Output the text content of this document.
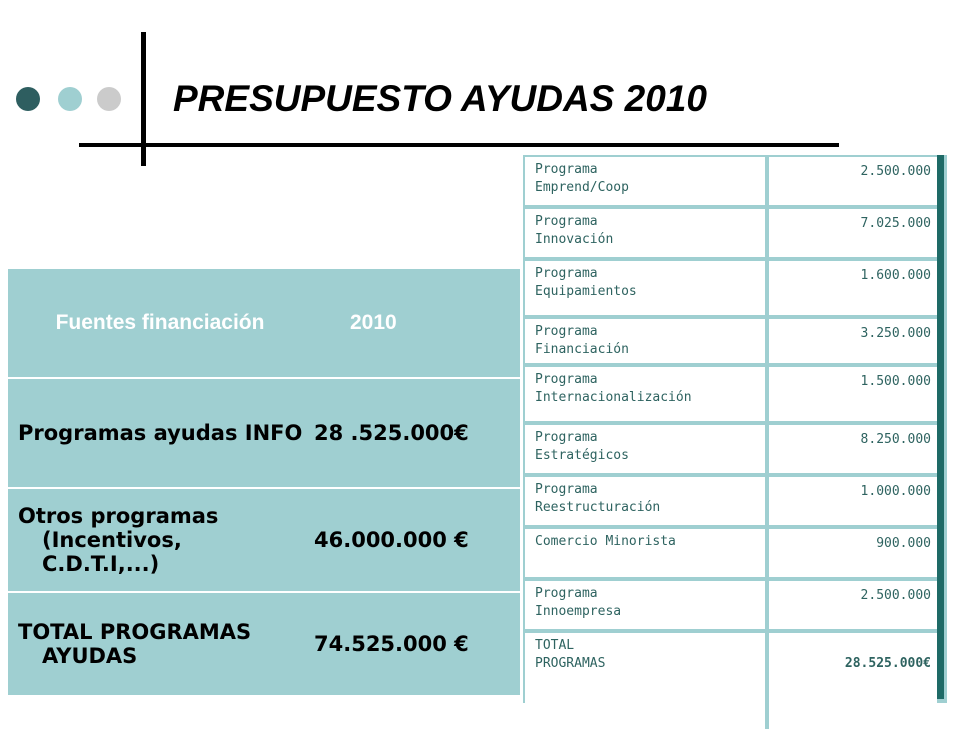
PRESUPUESTO AYUDAS 2010
Fuentes financiación	2010

Programas ayudas INFO	28 .525.000€

Otros programas
(Incentivos,
C.D.T.I,...)	46.000.000 €

TOTAL PROGRAMAS
AYUDAS	74.525.000 €
Programa
Emprend/Coop	2.500.000
Programa
Innovación	7.025.000
Programa
Equipamientos	1.600.000
Programa
Financiación	3.250.000
Programa
Internacionalización	1.500.000
Programa
Estratégicos	8.250.000
Programa
Reestructuración	1.000.000
Comercio Minorista	900.000
Programa
Innoempresa	2.500.000
TOTAL
PROGRAMAS	28.525.000€
